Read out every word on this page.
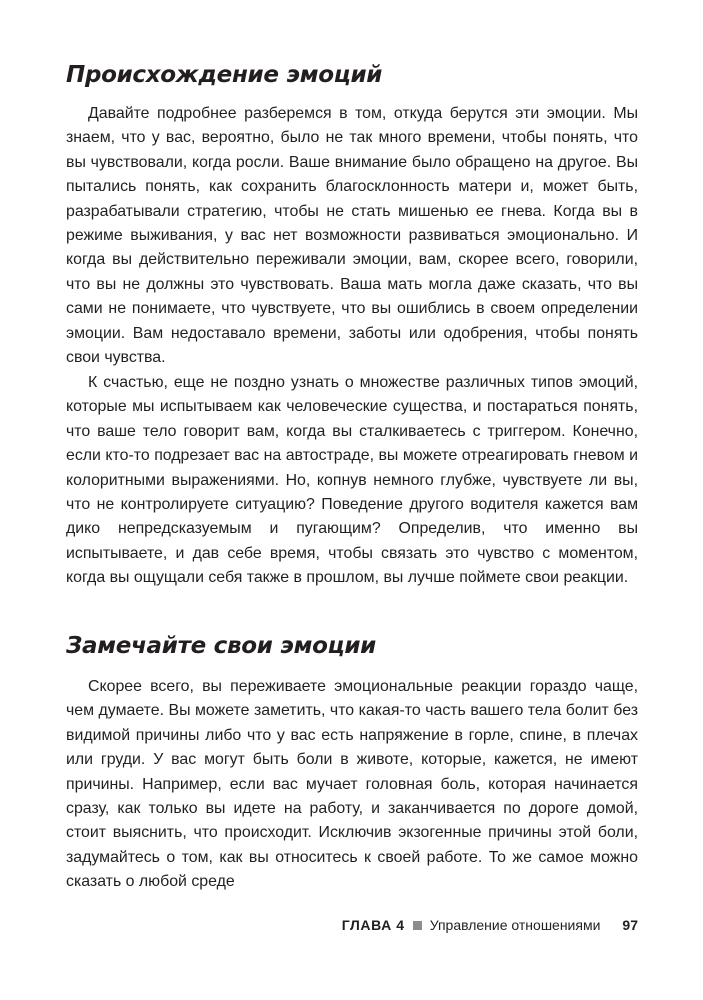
Происхождение эмоций

Давайте подробнее разберемся в том, откуда берутся эти эмоции. Мы знаем, что у вас, вероятно, было не так много времени, чтобы понять, что вы чувствовали, когда росли. Ваше внимание было обращено на другое. Вы пытались понять, как сохранить благосклонность матери и, может быть, разрабатывали стратегию, чтобы не стать мишенью ее гнева. Когда вы в режиме выживания, у вас нет возможности развиваться эмоционально. И когда вы действительно переживали эмоции, вам, скорее всего, говорили, что вы не должны это чувствовать. Ваша мать могла даже сказать, что вы сами не понимаете, что чувствуете, что вы ошиблись в своем определении эмоции. Вам недоставало времени, заботы или одобрения, чтобы понять свои чувства.

К счастью, еще не поздно узнать о множестве различных типов эмоций, которые мы испытываем как человеческие существа, и постараться понять, что ваше тело говорит вам, когда вы сталкиваетесь с триггером. Конечно, если кто-то подрезает вас на автостраде, вы можете отреагировать гневом и колоритными выражениями. Но, копнув немного глубже, чувствуете ли вы, что не контролируете ситуацию? Поведение другого водителя кажется вам дико непредсказуемым и пугающим? Определив, что именно вы испытываете, и дав себе время, чтобы связать это чувство с моментом, когда вы ощущали себя также в прошлом, вы лучше поймете свои реакции.

Замечайте свои эмоции

Скорее всего, вы переживаете эмоциональные реакции гораздо чаще, чем думаете. Вы можете заметить, что какая-то часть вашего тела болит без видимой причины либо что у вас есть напряжение в горле, спине, в плечах или груди. У вас могут быть боли в животе, которые, кажется, не имеют причины. Например, если вас мучает головная боль, которая начинается сразу, как только вы идете на работу, и заканчивается по дороге домой, стоит выяснить, что происходит. Исключив экзогенные причины этой боли, задумайтесь о том, как вы относитесь к своей работе. То же самое можно сказать о любой среде

ГЛАВА 4 Управление отношениями 97
